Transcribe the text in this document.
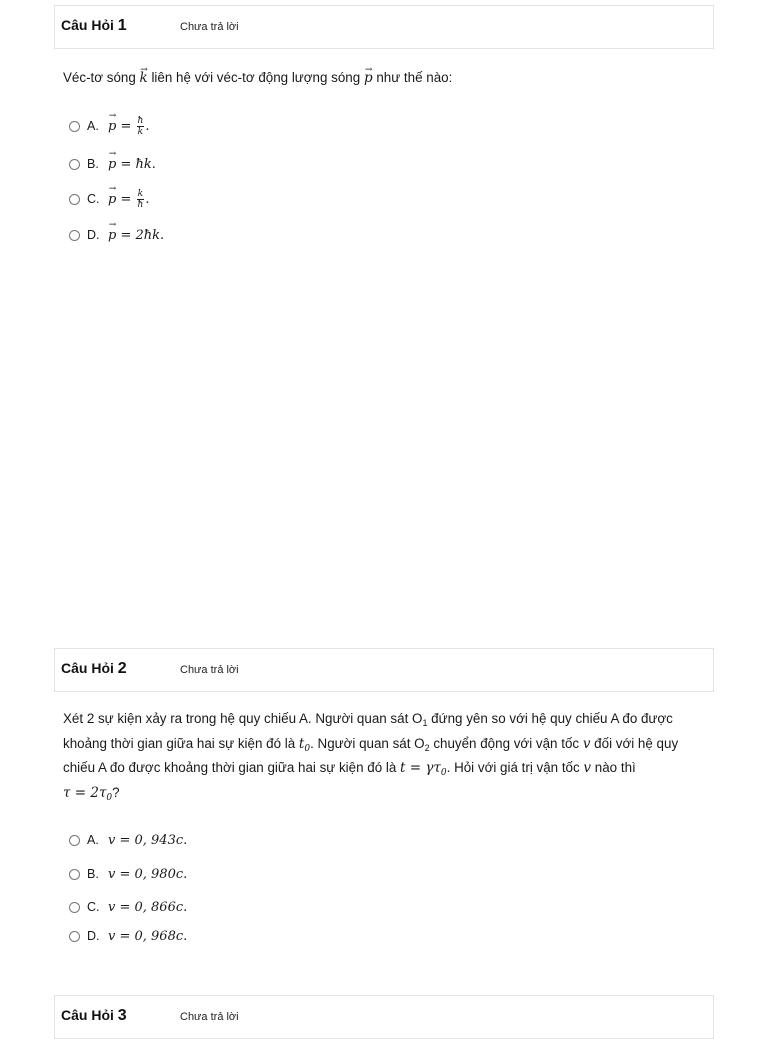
Câu Hỏi 1	Chưa trả lời
Véc-tơ sóng → k liên hệ với véc-tơ động lượng sóng → p như thế nào:
A. → $p = \frac{ħ}{k}$ .
B. → p = ħk.
C. → $p = \frac{k}{ħ}$ .
D. → p = 2ħk.
Câu Hỏi 2	Chưa trả lời
Xét 2 sự kiện xảy ra trong hệ quy chiếu A. Người quan sát $O_1$ đứng yên so với hệ quy chiếu A đo được
khoảng thời gian giữa hai sự kiện đó là $t_0$. Người quan sát $O_2$ chuyển động với vận tốc v đối với hệ quy
chiếu A đo được khoảng thời gian giữa hai sự kiện đó là $t = \gamma\tau_0$. Hỏi với giá trị vận tốc v nào thì
$\tau = 2\tau_0$?
A. v = 0, 943c.
B. v = 0, 980c.
C. v = 0, 866c.
D. v = 0, 968c.
Câu Hỏi 3	Chưa trả lời
